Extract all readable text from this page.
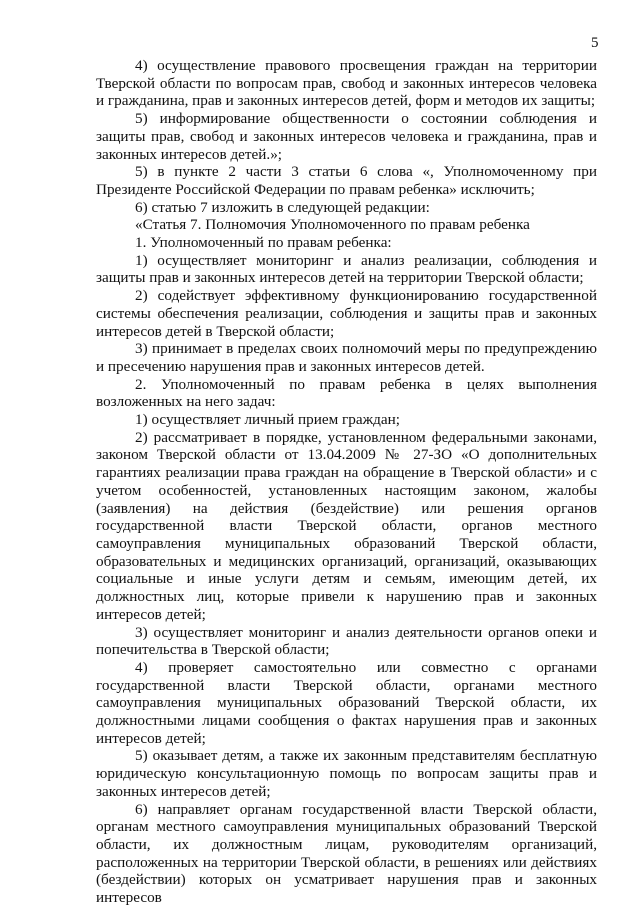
5

4) осуществление правового просвещения граждан на территории Тверской области по вопросам прав, свобод и законных интересов человека и гражданина, прав и законных интересов детей, форм и методов их защиты;

5) информирование общественности о состоянии соблюдения и защиты прав, свобод и законных интересов человека и гражданина, прав и законных интересов детей.»;

5) в пункте 2 части 3 статьи 6 слова «, Уполномоченному при Президенте Российской Федерации по правам ребенка» исключить;

6) статью 7 изложить в следующей редакции:

«Статья 7. Полномочия Уполномоченного по правам ребенка

1. Уполномоченный по правам ребенка:

1) осуществляет мониторинг и анализ реализации, соблюдения и защиты прав и законных интересов детей на территории Тверской области;

2) содействует эффективному функционированию государственной системы обеспечения реализации, соблюдения и защиты прав и законных интересов детей в Тверской области;

3) принимает в пределах своих полномочий меры по предупреждению и пресечению нарушения прав и законных интересов детей.

2. Уполномоченный по правам ребенка в целях выполнения возложенных на него задач:

1) осуществляет личный прием граждан;

2) рассматривает в порядке, установленном федеральными законами, законом Тверской области от 13.04.2009 № 27-ЗО «О дополнительных гарантиях реализации права граждан на обращение в Тверской области» и с учетом особенностей, установленных настоящим законом, жалобы (заявления) на действия (бездействие) или решения органов государственной власти Тверской области, органов местного самоуправления муниципальных образований Тверской области, образовательных и медицинских организаций, организаций, оказывающих социальные и иные услуги детям и семьям, имеющим детей, их должностных лиц, которые привели к нарушению прав и законных интересов детей;

3) осуществляет мониторинг и анализ деятельности органов опеки и попечительства в Тверской области;

4) проверяет самостоятельно или совместно с органами государственной власти Тверской области, органами местного самоуправления муниципальных образований Тверской области, их должностными лицами сообщения о фактах нарушения прав и законных интересов детей;

5) оказывает детям, а также их законным представителям бесплатную юридическую консультационную помощь по вопросам защиты прав и законных интересов детей;

6) направляет органам государственной власти Тверской области, органам местного самоуправления муниципальных образований Тверской области, их должностным лицам, руководителям организаций, расположенных на территории Тверской области, в решениях или действиях (бездействии) которых он усматривает нарушения прав и законных интересов
